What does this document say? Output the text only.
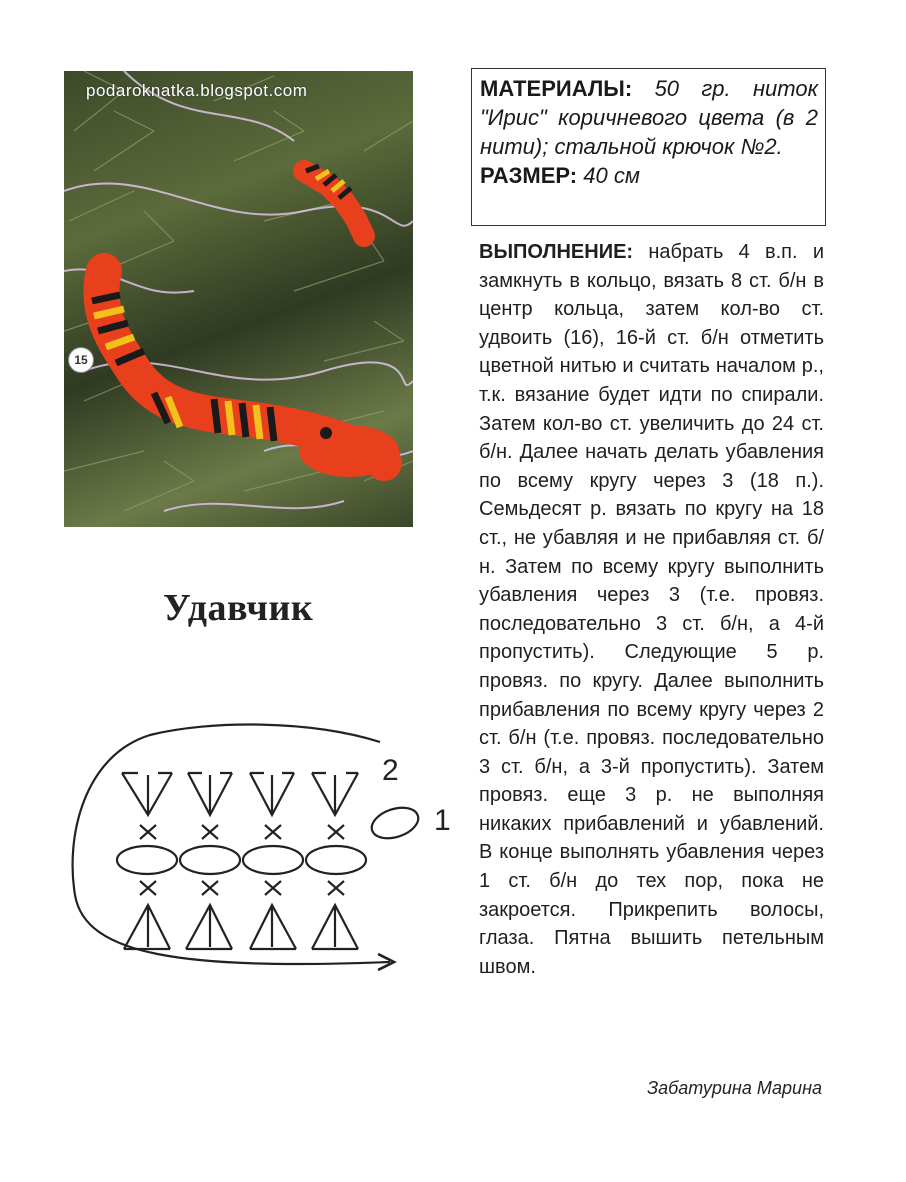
podaroknatka.blogspot.com
15
Удавчик
2
1
МАТЕРИАЛЫ: 50 гр. ниток "Ирис" коричневого цвета (в 2 нити); стальной крючок №2.
РАЗМЕР: 40 см
ВЫПОЛНЕНИЕ: набрать 4 в.п. и замкнуть в кольцо, вязать 8 ст. б/н в центр кольца, затем кол-во ст. удвоить (16), 16-й ст. б/н отметить цветной нитью и считать началом р., т.к. вязание будет идти по спирали. Затем кол-во ст. увеличить до 24 ст. б/н. Далее начать делать убавления по всему кругу через 3 (18 п.). Семьдесят р. вязать по кругу на 18 ст., не убавляя и не прибавляя ст. б/н. Затем по всему кругу выполнить убавления через 3 (т.е. провяз. последовательно 3 ст. б/н, а 4-й пропустить). Следующие 5 р. провяз. по кругу. Далее выполнить прибавления по всему кругу через 2 ст. б/н (т.е. провяз. последовательно 3 ст. б/н, а 3-й пропустить). Затем провяз. еще 3 р. не выполняя никаких прибавлений и убавлений. В конце выполнять убавления через 1 ст. б/н до тех пор, пока не закроется. Прикрепить волосы, глаза. Пятна вышить петельным швом.
Забатурина Марина
